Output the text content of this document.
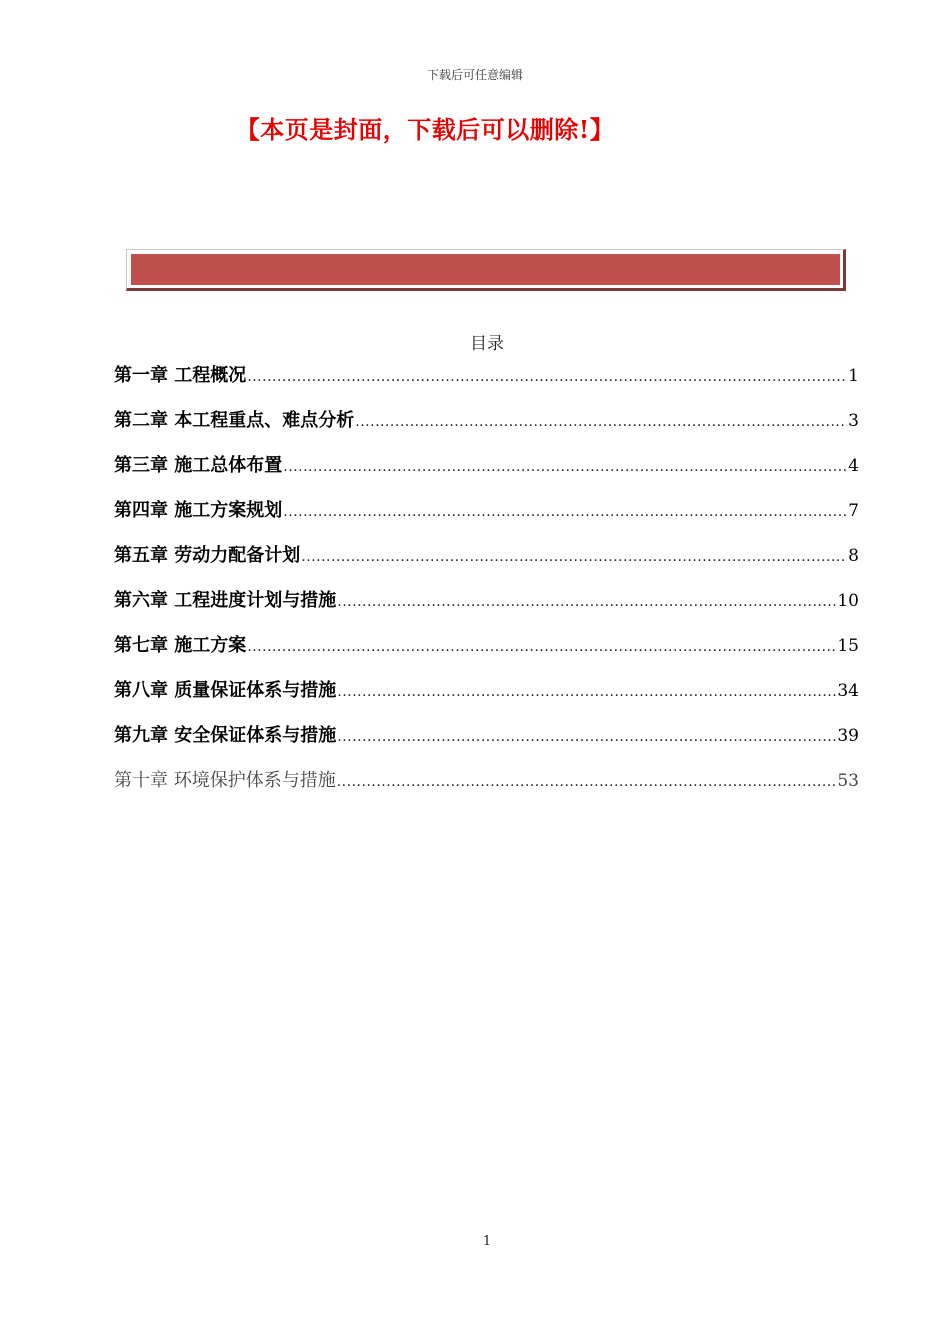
下载后可任意编辑
【本页是封面，下载后可以删除!】
目录
第一章 工程概况 .....	1
第二章 本工程重点、难点分析 .....	3
第三章 施工总体布置 .....	4
第四章 施工方案规划 .....	7
第五章 劳动力配备计划 .....	8
第六章 工程进度计划与措施 .....	10
第七章 施工方案 .....	15
第八章 质量保证体系与措施 .....	34
第九章 安全保证体系与措施 .....	39
第十章 环境保护体系与措施 .....	53
1
